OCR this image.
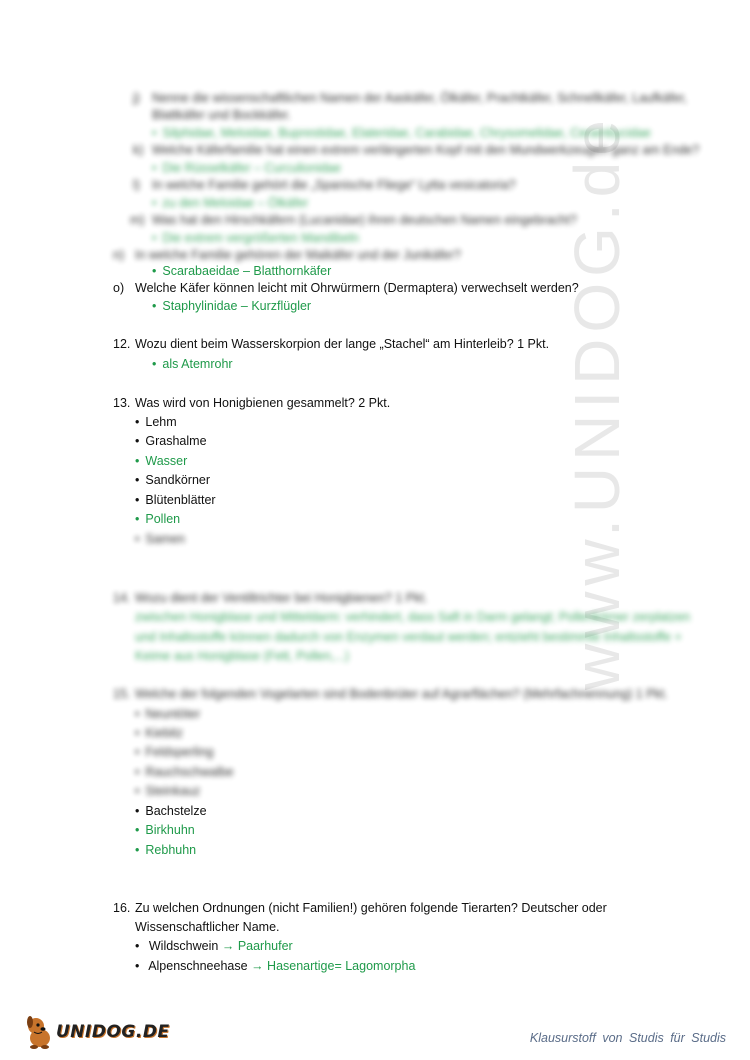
www.UNIDOG.de
j) Nenne die wissenschaftlichen Namen der Aaskäfer, Ölkäfer, Prachtkäfer, Schnellkäfer, Laufkäfer,
Blattkäfer und Bockkäfer.
• Silphidae, Meloidae, Buprestidae, Elateridae, Carabidae, Chrysomelidae, Cerambycidae
k) Welche Käferfamilie hat einen extrem verlängerten Kopf mit den Mundwerkzeugen ganz am Ende?
• Die Rüsselkäfer – Curculionidae
l) In welche Familie gehört die „Spanische Fliege“ Lytta vesicatoria?
• zu den Meloidae – Ölkäfer
m) Was hat den Hirschkäfern (Lucanidae) ihren deutschen Namen eingebracht?
• Die extrem vergrößerten Mandibeln
n) In welche Familie gehören der Maikäfer und der Junikäfer?
• Scarabaeidae – Blatthornkäfer
o) Welche Käfer können leicht mit Ohrwürmern (Dermaptera) verwechselt werden?
• Staphylinidae – Kurzflügler
12. Wozu dient beim Wasserskorpion der lange „Stachel“ am Hinterleib? 1 Pkt.
• als Atemrohr
13. Was wird von Honigbienen gesammelt? 2 Pkt.
• Lehm
• Grashalme
• Wasser
• Sandkörner
• Blütenblätter
• Pollen
• Samen
14. Wozu dient der Ventiltrichter bei Honigbienen? 1 Pkt.
zwischen Honigblase und Mitteldarm: verhindert, dass Saft in Darm gelangt; Pollenkörner zerplatzen
und Inhaltsstoffe können dadurch von Enzymen verdaut werden; entzieht bestimmte Inhaltsstoffe +
Keime aus Honigblase (Fett, Pollen,...)
15. Welche der folgenden Vogelarten sind Bodenbrüter auf Agrarflächen? (Mehrfachnennung) 1 Pkt.
• Neuntöter
• Kiebitz
• Feldsperling
• Rauchschwalbe
• Steinkauz
• Bachstelze
• Birkhuhn
• Rebhuhn
16. Zu welchen Ordnungen (nicht Familien!) gehören folgende Tierarten? Deutscher oder
Wissenschaftlicher Name.
• Wildschwein → Paarhufer
• Alpenschneehase → Hasenartige= Lagomorpha
UNIDOG.DE	Klausurstoff von Studis für Studis
